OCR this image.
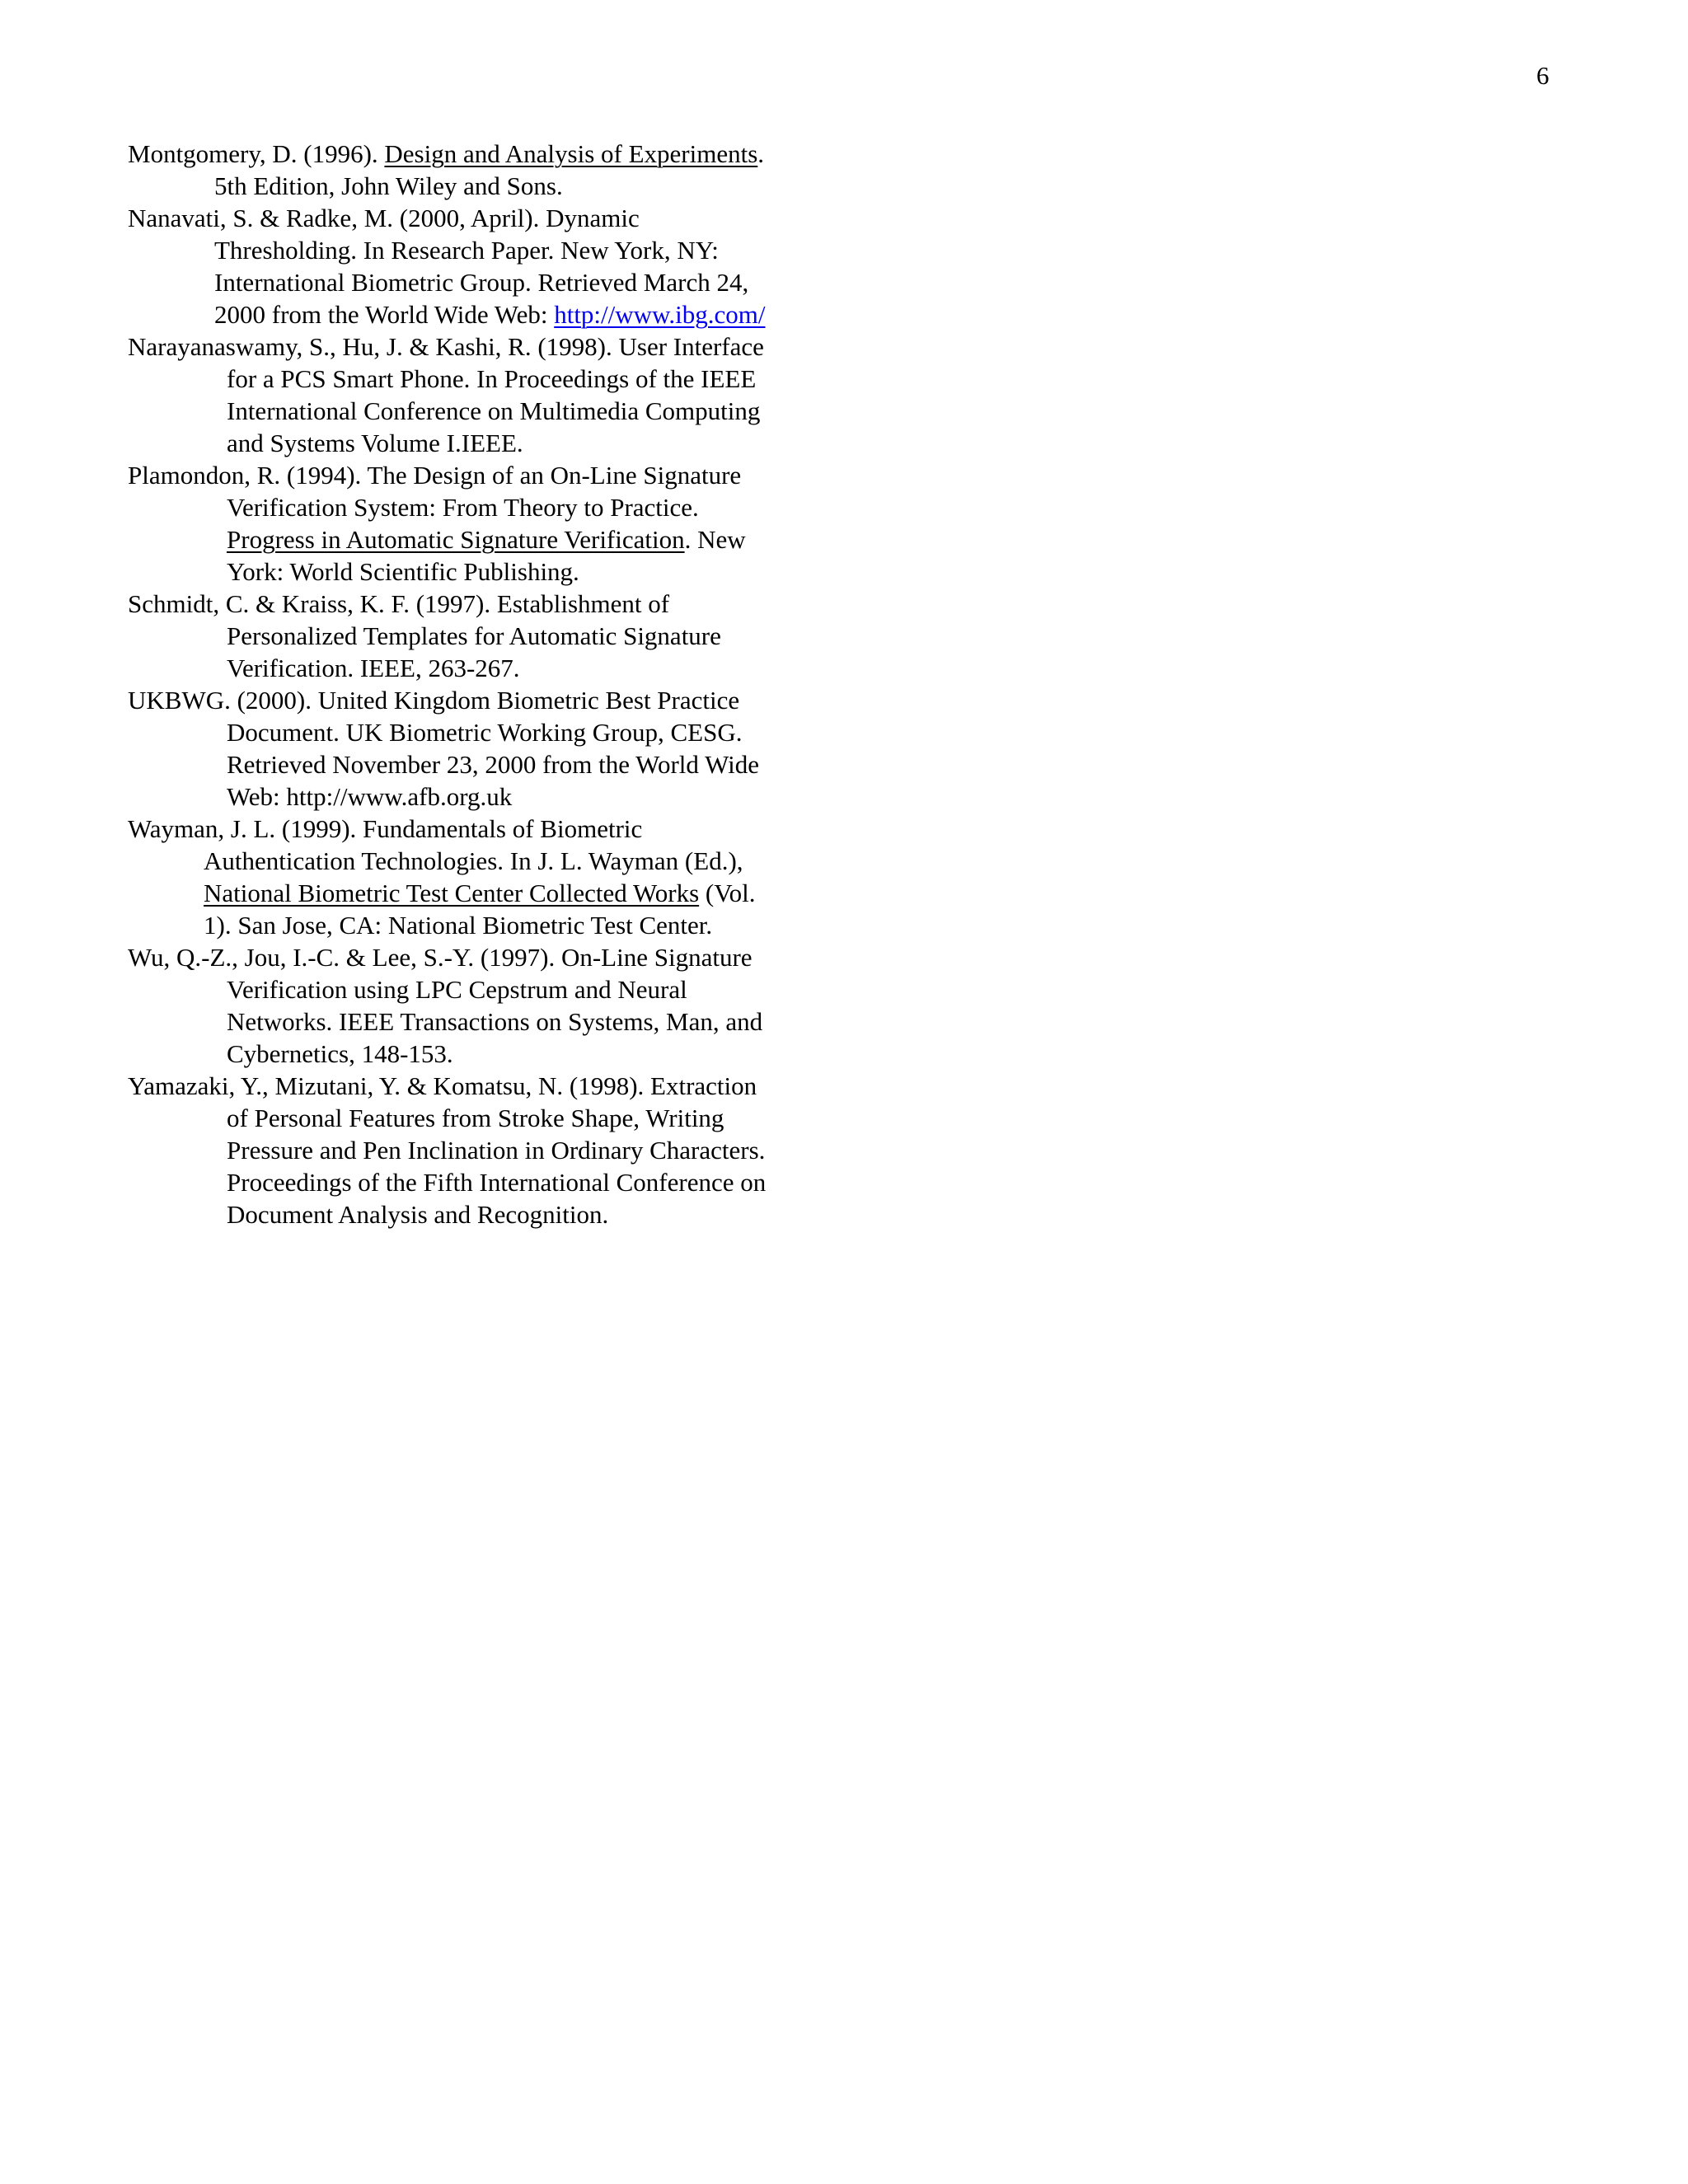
6

Montgomery, D. (1996). Design and Analysis of Experiments.
5th Edition, John Wiley and Sons.

Nanavati, S. & Radke, M. (2000, April). Dynamic
Thresholding. In Research Paper. New York, NY:
International Biometric Group. Retrieved March 24,
2000 from the World Wide Web: http://www.ibg.com/

Narayanaswamy, S., Hu, J. & Kashi, R. (1998). User Interface
for a PCS Smart Phone. In Proceedings of the IEEE
International Conference on Multimedia Computing
and Systems Volume I.IEEE.

Plamondon, R. (1994). The Design of an On-Line Signature
Verification System: From Theory to Practice.
Progress in Automatic Signature Verification. New
York: World Scientific Publishing.

Schmidt, C. & Kraiss, K. F. (1997). Establishment of
Personalized Templates for Automatic Signature
Verification. IEEE, 263-267.

UKBWG. (2000). United Kingdom Biometric Best Practice
Document. UK Biometric Working Group, CESG.
Retrieved November 23, 2000 from the World Wide
Web: http://www.afb.org.uk

Wayman, J. L. (1999). Fundamentals of Biometric
Authentication Technologies. In J. L. Wayman (Ed.),
National Biometric Test Center Collected Works (Vol.
1). San Jose, CA: National Biometric Test Center.

Wu, Q.-Z., Jou, I.-C. & Lee, S.-Y. (1997). On-Line Signature
Verification using LPC Cepstrum and Neural
Networks. IEEE Transactions on Systems, Man, and
Cybernetics, 148-153.

Yamazaki, Y., Mizutani, Y. & Komatsu, N. (1998). Extraction
of Personal Features from Stroke Shape, Writing
Pressure and Pen Inclination in Ordinary Characters.
Proceedings of the Fifth International Conference on
Document Analysis and Recognition.
